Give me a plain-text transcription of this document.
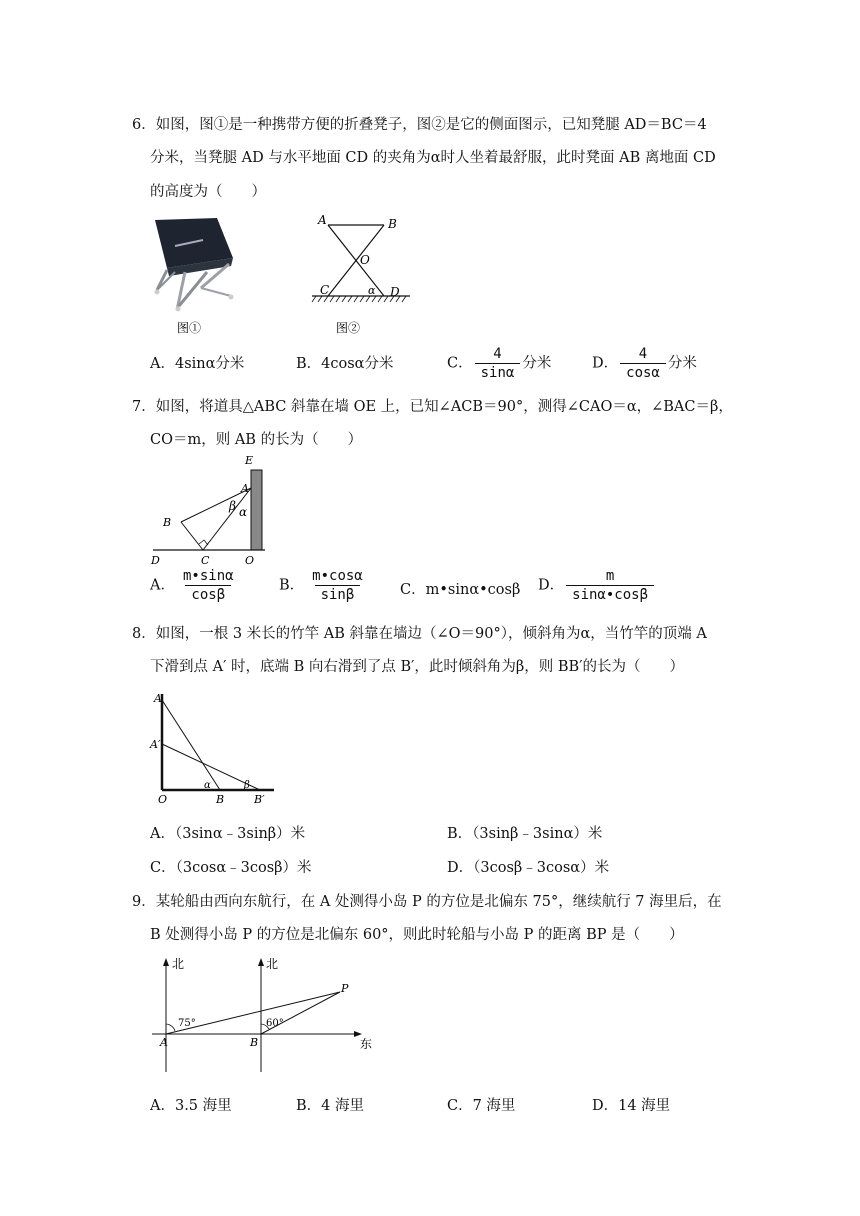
6．如图，图①是一种携带方便的折叠凳子，图②是它的侧面图示，已知凳腿 AD＝BC＝4
分米，当凳腿 AD 与水平地面 CD 的夹角为α时人坐着最舒服，此时凳面 AB 离地面 CD
的高度为（　　）
图①
A	B
O
C	D
α
图②
A．4sinα分米	B．4cosα分米	C． $\frac{4}{\sin\alpha}$ 分米	D． $\frac{4}{\cos\alpha}$ 分米
7．如图，将道具△ABC 斜靠在墙 OE 上，已知∠ACB＝90°，测得∠CAO＝α，∠BAC＝β，
CO＝m，则 AB 的长为（　　）
E
A
B
C
D	O
β α
A． $\frac{m•\sin\alpha}{\cos\beta}$	B． $\frac{m•\cos\alpha}{\sin\beta}$ C．m•sinα•cosβ D． $\frac{m}{\sin\alpha•\cos\beta}$
8．如图，一根 3 米长的竹竿 AB 斜靠在墙边（∠O＝90°），倾斜角为α，当竹竿的顶端 A
下滑到点 A′ 时，底端 B 向右滑到了点 B′，此时倾斜角为β，则 BB′的长为（　　）
A
A′
O	B	B′
α	β
A．（3sinα﹣3sinβ）米	B．（3sinβ﹣3sinα）米
C．（3cosα﹣3cosβ）米	D．（3cosβ﹣3cosα）米
9．某轮船由西向东航行，在 A 处测得小岛 P 的方位是北偏东 75°，继续航行 7 海里后，在
B 处测得小岛 P 的方位是北偏东 60°，则此时轮船与小岛 P 的距离 BP 是（　　）
北	北
东
A	B
P
75°	60°
A．3.5 海里	B．4 海里	C．7 海里	D．14 海里
